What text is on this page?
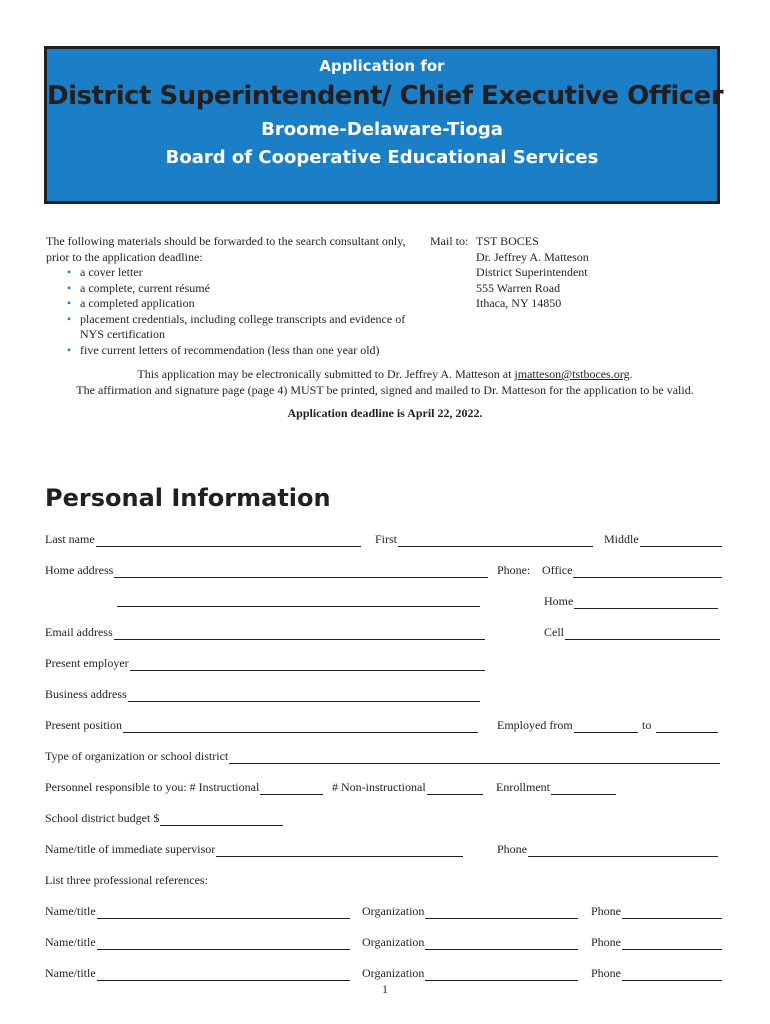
Application for
District Superintendent/ Chief Executive Officer
Broome-Delaware-Tioga
Board of Cooperative Educational Services
The following materials should be forwarded to the search consultant only, prior to the application deadline:
• a cover letter
• a complete, current résumé
• a completed application
• placement credentials, including college transcripts and evidence of NYS certification
• five current letters of recommendation (less than one year old)
Mail to: TST BOCES
Dr. Jeffrey A. Matteson
District Superintendent
555 Warren Road
Ithaca, NY 14850
This application may be electronically submitted to Dr. Jeffrey A. Matteson at jmatteson@tstboces.org.
The affirmation and signature page (page 4) MUST be printed, signed and mailed to Dr. Matteson for the application to be valid.
Application deadline is April 22, 2022.
Personal Information
Last name	First	Middle
Home address	Phone: Office
Home
Email address	Cell
Present employer
Business address
Present position	Employed from	to
Type of organization or school district
Personnel responsible to you: # Instructional	# Non-instructional	Enrollment
School district budget $
Name/title of immediate supervisor	Phone
List three professional references:
Name/title	Organization	Phone
Name/title	Organization	Phone
Name/title	Organization	Phone
1
